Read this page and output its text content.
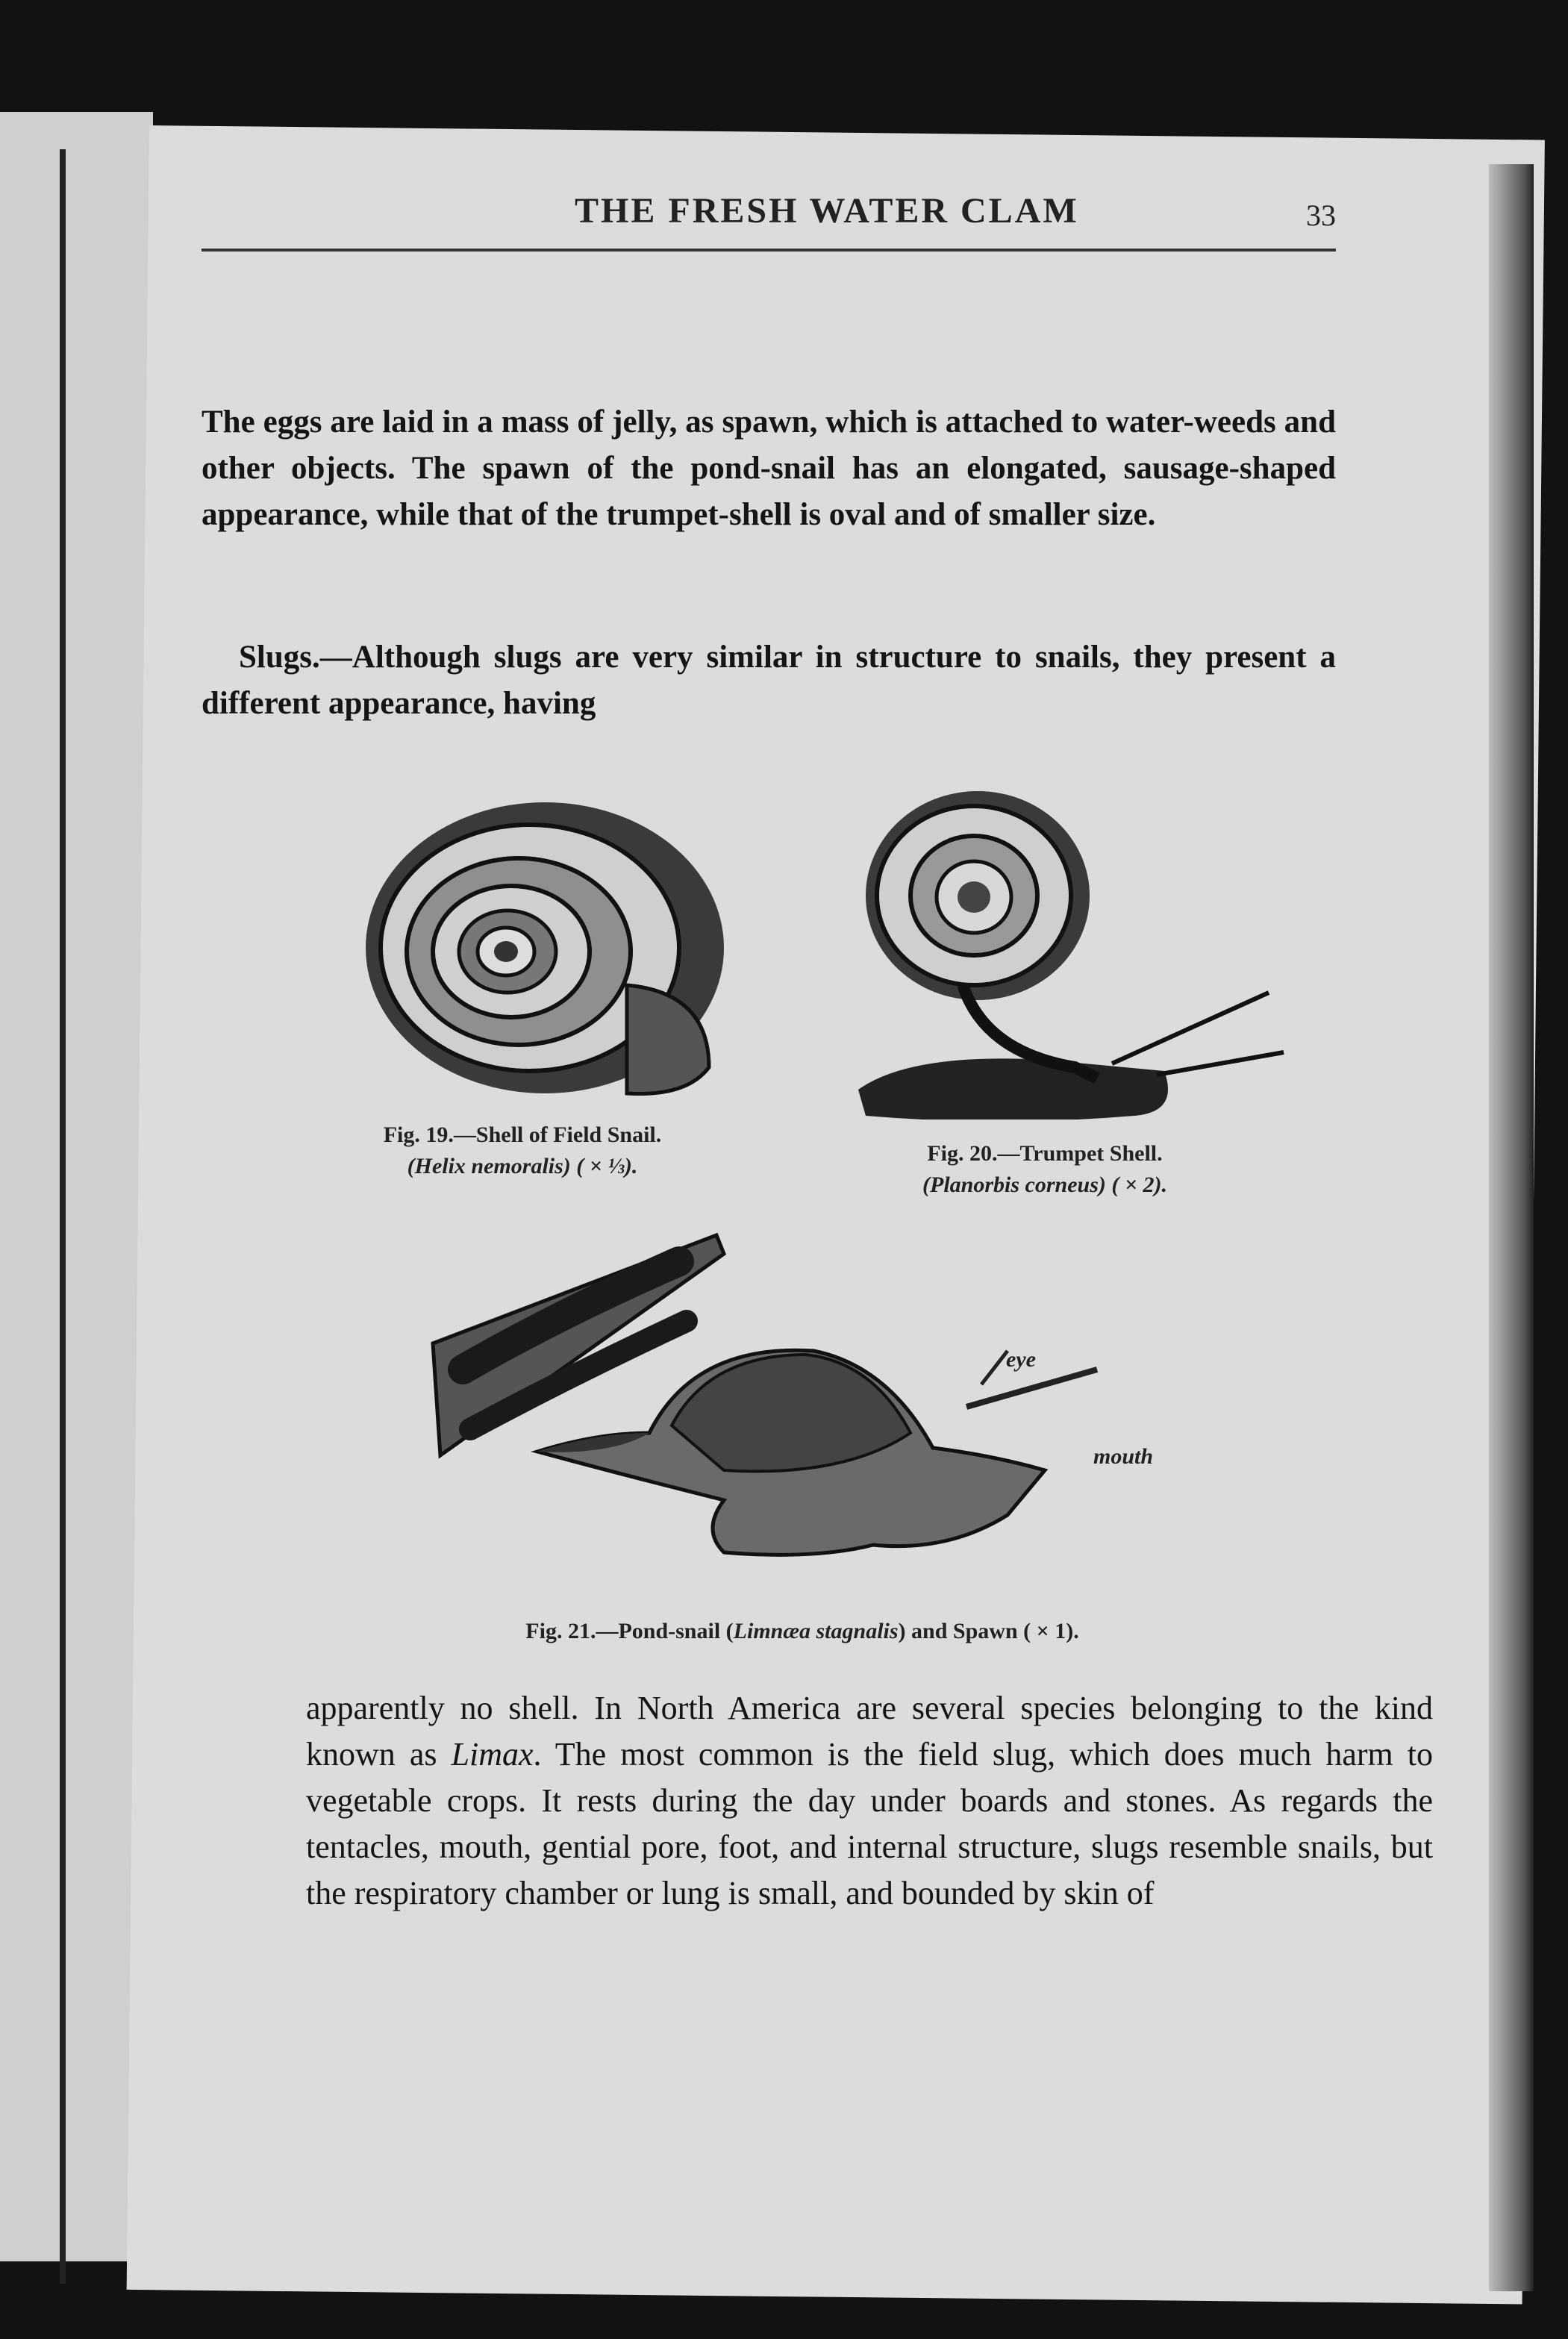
THE FRESH WATER CLAM	33
The eggs are laid in a mass of jelly, as spawn, which is attached to water-weeds and other objects. The spawn of the pond-snail has an elongated, sausage-shaped appearance, while that of the trumpet-shell is oval and of smaller size.
Slugs.—Although slugs are very similar in structure to snails, they present a different appearance, having
Fig. 19.—Shell of Field Snail.
(Helix nemoralis) ( × ⅓).
Fig. 20.—Trumpet Shell.
(Planorbis corneus) ( × 2).
eye
mouth
Fig. 21.—Pond-snail (Limnæa stagnalis) and Spawn ( × 1).
apparently no shell. In North America are several species belonging to the kind known as Limax. The most common is the field slug, which does much harm to vegetable crops. It rests during the day under boards and stones. As regards the tentacles, mouth, gential pore, foot, and internal structure, slugs resemble snails, but the respiratory chamber or lung is small, and bounded by skin of
